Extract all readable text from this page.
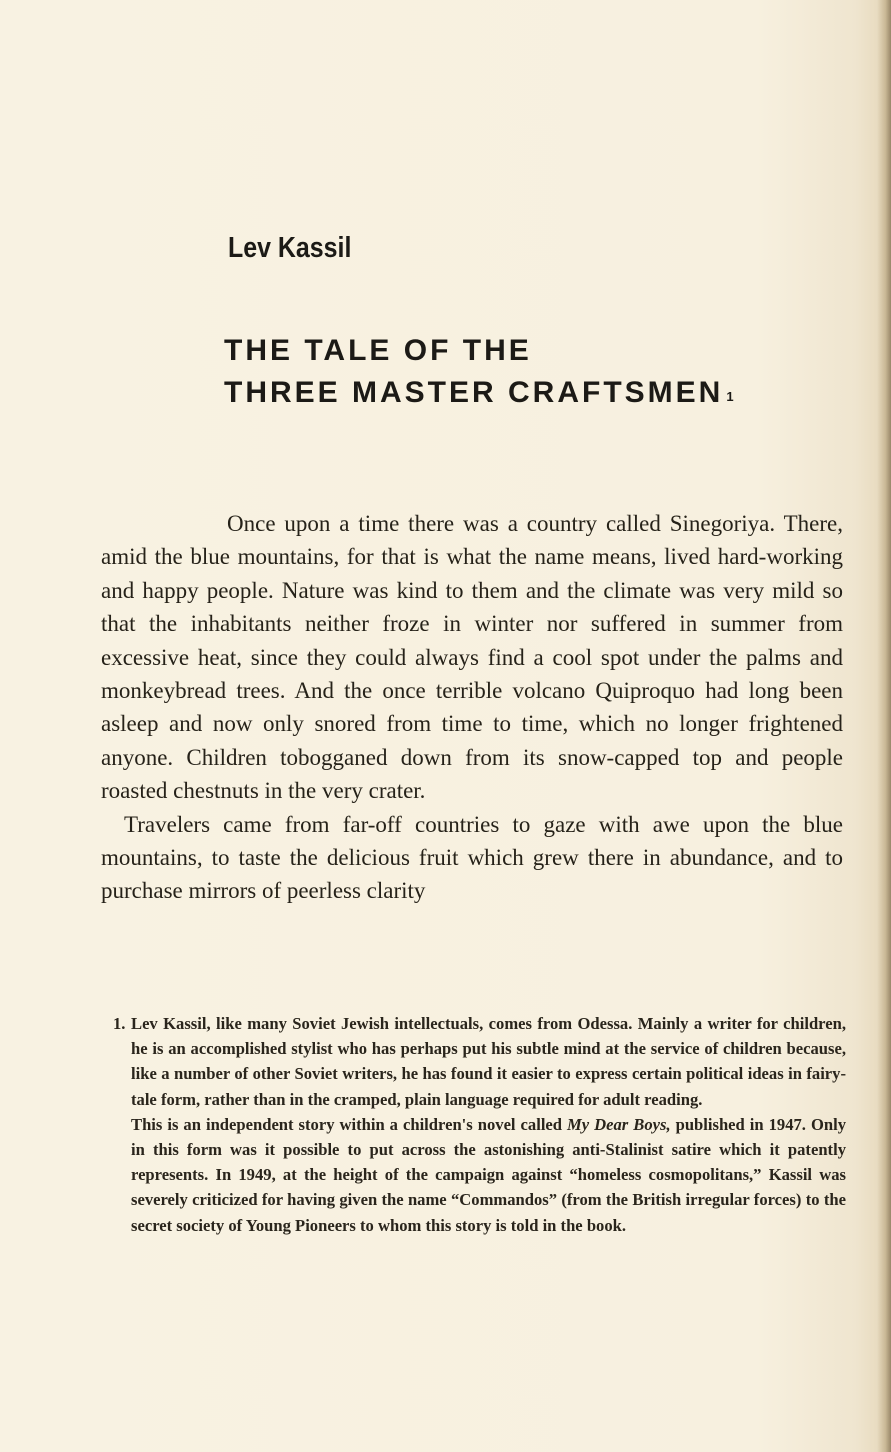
Lev Kassil
THE TALE OF THE
THREE MASTER CRAFTSMEN $^1$

Once upon a time there was a country called Sinegoriya. There, amid the blue mountains, for that is what the name means, lived hard-working and happy people. Nature was kind to them and the climate was very mild so that the inhabitants neither froze in winter nor suffered in summer from excessive heat, since they could always find a cool spot under the palms and monkeybread trees. And the once terrible volcano Quiproquo had long been asleep and now only snored from time to time, which no longer frightened anyone. Children tobogganed down from its snow-capped top and people roasted chestnuts in the very crater.

Travelers came from far-off countries to gaze with awe upon the blue mountains, to taste the delicious fruit which grew there in abundance, and to purchase mirrors of peerless clarity

1. Lev Kassil, like many Soviet Jewish intellectuals, comes from Odessa. Mainly a writer for children, he is an accomplished stylist who has perhaps put his subtle mind at the service of children because, like a number of other Soviet writers, he has found it easier to express certain political ideas in fairy-tale form, rather than in the cramped, plain language required for adult reading.

This is an independent story within a children's novel called My Dear Boys, published in 1947. Only in this form was it possible to put across the astonishing anti-Stalinist satire which it patently represents. In 1949, at the height of the campaign against “homeless cosmopolitans,” Kassil was severely criticized for having given the name “Commandos” (from the British irregular forces) to the secret society of Young Pioneers to whom this story is told in the book.
